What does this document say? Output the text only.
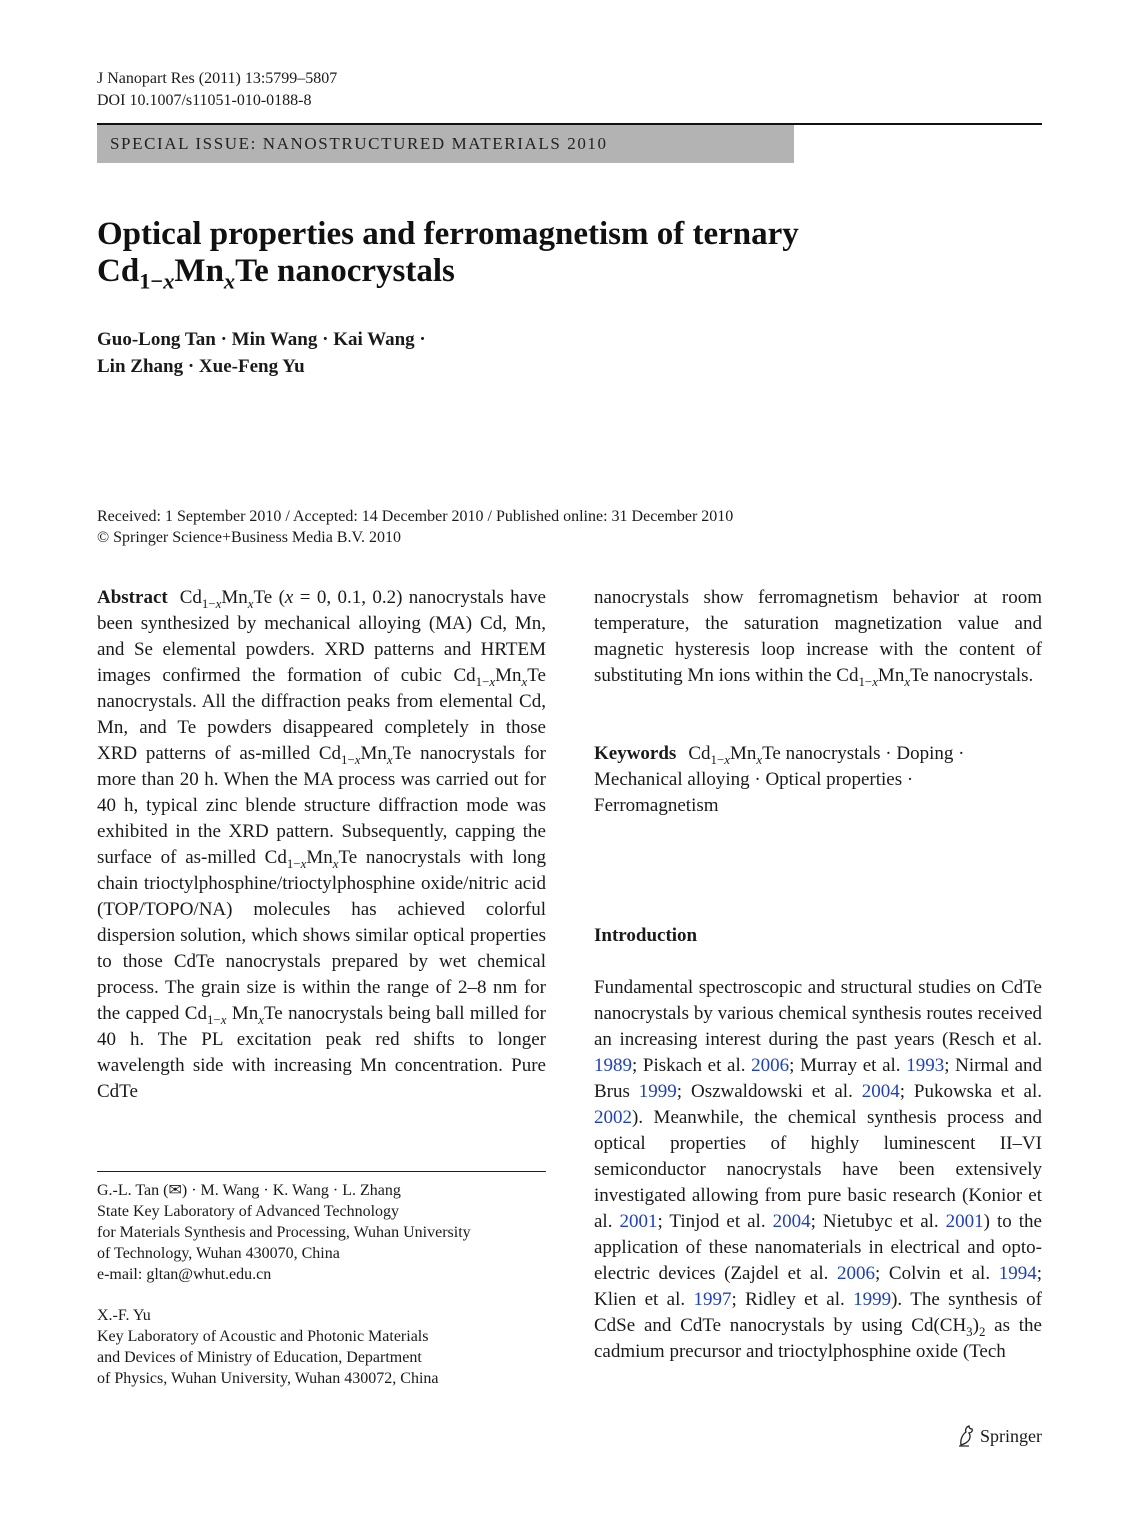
J Nanopart Res (2011) 13:5799–5807
DOI 10.1007/s11051-010-0188-8
SPECIAL ISSUE: NANOSTRUCTURED MATERIALS 2010
Optical properties and ferromagnetism of ternary
$Cd_{1-x}Mn_xTe$ nanocrystals
Guo-Long Tan · Min Wang · Kai Wang ·
Lin Zhang · Xue-Feng Yu
Received: 1 September 2010 / Accepted: 14 December 2010 / Published online: 31 December 2010
© Springer Science+Business Media B.V. 2010

Abstract $Cd_{1-x}Mn_xTe$ (x = 0, 0.1, 0.2) nanocrystals have been synthesized by mechanical alloying (MA) Cd, Mn, and Se elemental powders. XRD patterns and HRTEM images confirmed the formation of cubic $Cd_{1-x}Mn_xTe$ nanocrystals. All the diffraction peaks from elemental Cd, Mn, and Te powders disappeared completely in those XRD patterns of as-milled $Cd_{1-x}Mn_xTe$ nanocrystals for more than 20 h. When the MA process was carried out for 40 h, typical zinc blende structure diffraction mode was exhibited in the XRD pattern. Subsequently, capping the surface of as-milled $Cd_{1-x}Mn_xTe$ nanocrystals with long chain trioctylphosphine/trioctylphosphine oxide/nitric acid (TOP/TOPO/NA) molecules has achieved colorful dispersion solution, which shows similar optical properties to those CdTe nanocrystals prepared by wet chemical process. The grain size is within the range of 2–8 nm for the capped $Cd_{1-x}$ $Mn_xTe$ nanocrystals being ball milled for 40 h. The PL excitation peak red shifts to longer wavelength side with increasing Mn concentration. Pure CdTe

G.-L. Tan (✉) · M. Wang · K. Wang · L. Zhang
State Key Laboratory of Advanced Technology
for Materials Synthesis and Processing, Wuhan University
of Technology, Wuhan 430070, China
e-mail: gltan@whut.edu.cn
X.-F. Yu
Key Laboratory of Acoustic and Photonic Materials
and Devices of Ministry of Education, Department
of Physics, Wuhan University, Wuhan 430072, China

nanocrystals show ferromagnetism behavior at room temperature, the saturation magnetization value and magnetic hysteresis loop increase with the content of substituting Mn ions within the $Cd_{1-x}Mn_xTe$ nanocrystals.

Keywords $Cd_{1-x}Mn_xTe$ nanocrystals · Doping · Mechanical alloying · Optical properties · Ferromagnetism

Introduction

Fundamental spectroscopic and structural studies on CdTe nanocrystals by various chemical synthesis routes received an increasing interest during the past years (Resch et al. 1989; Piskach et al. 2006; Murray et al. 1993; Nirmal and Brus 1999; Oszwaldowski et al. 2004; Pukowska et al. 2002). Meanwhile, the chemical synthesis process and optical properties of highly luminescent II–VI semiconductor nanocrystals have been extensively investigated allowing from pure basic research (Konior et al. 2001; Tinjod et al. 2004; Nietubyc et al. 2001) to the application of these nanomaterials in electrical and opto-electric devices (Zajdel et al. 2006; Colvin et al. 1994; Klien et al. 1997; Ridley et al. 1999). The synthesis of CdSe and CdTe nanocrystals by using $Cd(CH_3)_2$ as the cadmium precursor and trioctylphosphine oxide (Tech

Springer
